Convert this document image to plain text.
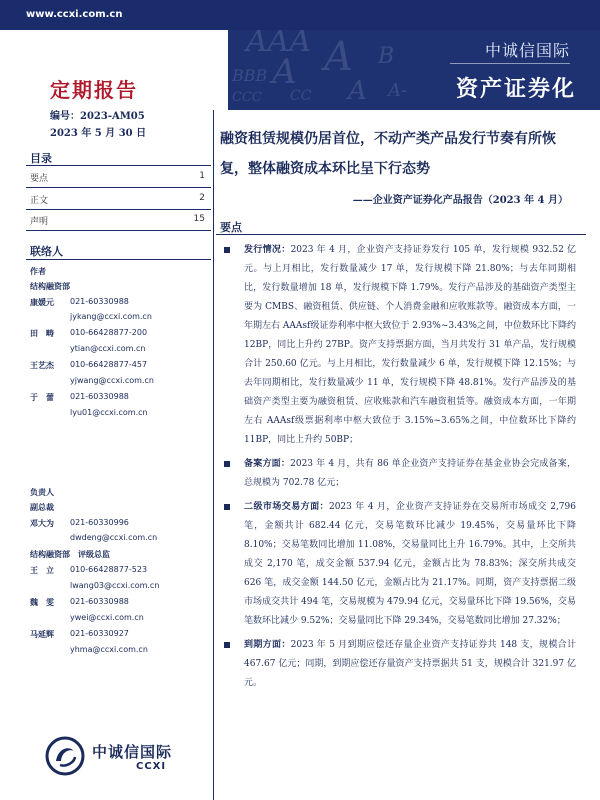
www.ccxi.com.cn
AAA A
BBB A
CC A
CCC
B
A-
中诚信国际
资产证券化
定期报告
编号：2023-AM05
2023 年 5 月 30 日
目录
要点	1
正文	2
声明	15
联络人
作者
结构融资部
康媛元 021-60330988
jykang@ccxi.com.cn
田　畴 010-66428877-200
ytian@ccxi.com.cn
王艺杰 010-66428877-457
yjwang@ccxi.com.cn
于　蕾 021-60330988
lyu01@ccxi.com.cn
负责人
副总裁
邓大为 021-60330996
dwdeng@ccxi.com.cn
结构融资部　评级总监
王　立 010-66428877-523
lwang03@ccxi.com.cn
魏　雯 021-60330988
ywei@ccxi.com.cn
马延辉 021-60330927
yhma@ccxi.com.cn
中诚信国际
CCXI
融资租赁规模仍居首位，不动产类产品发行节奏有所恢复，整体融资成本环比呈下行态势
——企业资产证券化产品报告（2023 年 4 月）
要点
发行情况：2023 年 4 月，企业资产支持证券发行 105 单，发行规模 932.52 亿元。与上月相比，发行数量减少 17 单，发行规模下降 21.80%；与去年同期相比，发行数量增加 18 单，发行规模下降 1.79%。发行产品涉及的基础资产类型主要为 CMBS、融资租赁、供应链、个人消费金融和应收账款等。融资成本方面，一年期左右 AAAsf级证券利率中枢大致位于 2.93%~3.43%之间，中位数环比下降约 12BP，同比上升约 27BP。资产支持票据方面，当月共发行 31 单产品，发行规模合计 250.60 亿元。与上月相比，发行数量减少 6 单，发行规模下降 12.15%；与去年同期相比，发行数量减少 11 单，发行规模下降 48.81%。发行产品涉及的基础资产类型主要为融资租赁、应收账款和汽车融资租赁等。融资成本方面，一年期左右 AAAsf级票据利率中枢大致位于 3.15%~3.65%之间，中位数环比下降约 11BP，同比上升约 50BP；
备案方面：2023 年 4 月，共有 86 单企业资产支持证券在基金业协会完成备案，总规模为 702.78 亿元；
二级市场交易方面：2023 年 4 月，企业资产支持证券在交易所市场成交 2,796 笔，金额共计 682.44 亿元，交易笔数环比减少 19.45%，交易量环比下降 8.10%；交易笔数同比增加 11.08%，交易量同比上升 16.79%。其中，上交所共成交 2,170 笔，成交金额 537.94 亿元，金额占比为 78.83%；深交所共成交 626 笔，成交金额 144.50 亿元，金额占比为 21.17%。同期，资产支持票据二级市场成交共计 494 笔，交易规模为 479.94 亿元，交易量环比下降 19.56%，交易笔数环比减少 9.52%；交易量同比下降 29.34%，交易笔数同比增加 27.32%；
到期方面：2023 年 5 月到期应偿还存量企业资产支持证券共 148 支，规模合计 467.67 亿元；同期，到期应偿还存量资产支持票据共 51 支，规模合计 321.97 亿元。
